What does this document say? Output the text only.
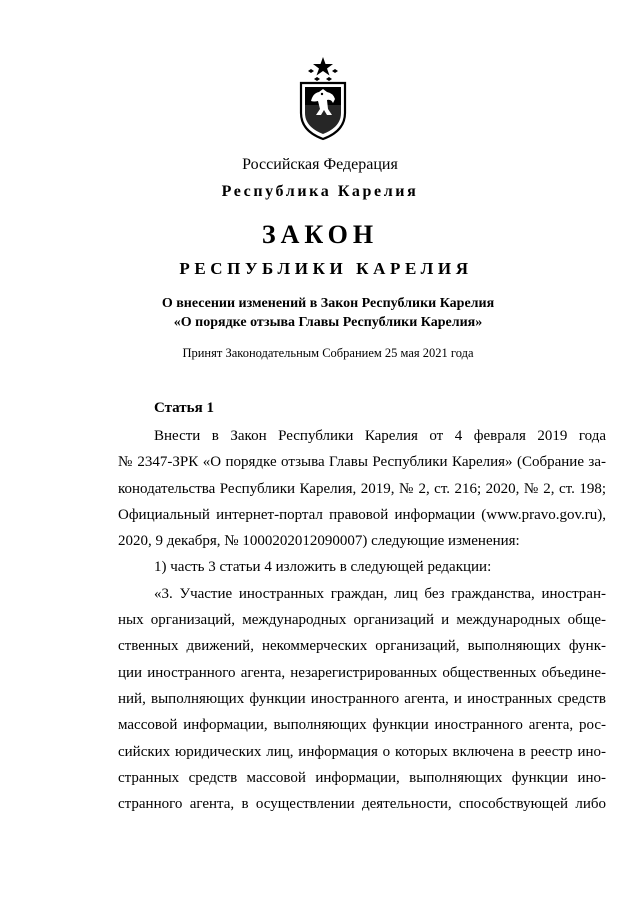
Российская Федерация
Республика Карелия
ЗАКОН
РЕСПУБЛИКИ КАРЕЛИЯ
О внесении изменений в Закон Республики Карелия
«О порядке отзыва Главы Республики Карелия»
Принят Законодательным Собранием 25 мая 2021 года
Статья 1
Внести в Закон Республики Карелия от 4 февраля 2019 года
№ 2347-ЗРК «О порядке отзыва Главы Республики Карелия» (Собрание за-
конодательства Республики Карелия, 2019, № 2, ст. 216; 2020, № 2, ст. 198;
Официальный интернет-портал правовой информации (www.pravo.gov.ru),
2020, 9 декабря, № 1000202012090007) следующие изменения:
1) часть 3 статьи 4 изложить в следующей редакции:
«3. Участие иностранных граждан, лиц без гражданства, иностран-
ных организаций, международных организаций и международных обще-
ственных движений, некоммерческих организаций, выполняющих функ-
ции иностранного агента, незарегистрированных общественных объедине-
ний, выполняющих функции иностранного агента, и иностранных средств
массовой информации, выполняющих функции иностранного агента, рос-
сийских юридических лиц, информация о которых включена в реестр ино-
странных средств массовой информации, выполняющих функции ино-
странного агента, в осуществлении деятельности, способствующей либо
